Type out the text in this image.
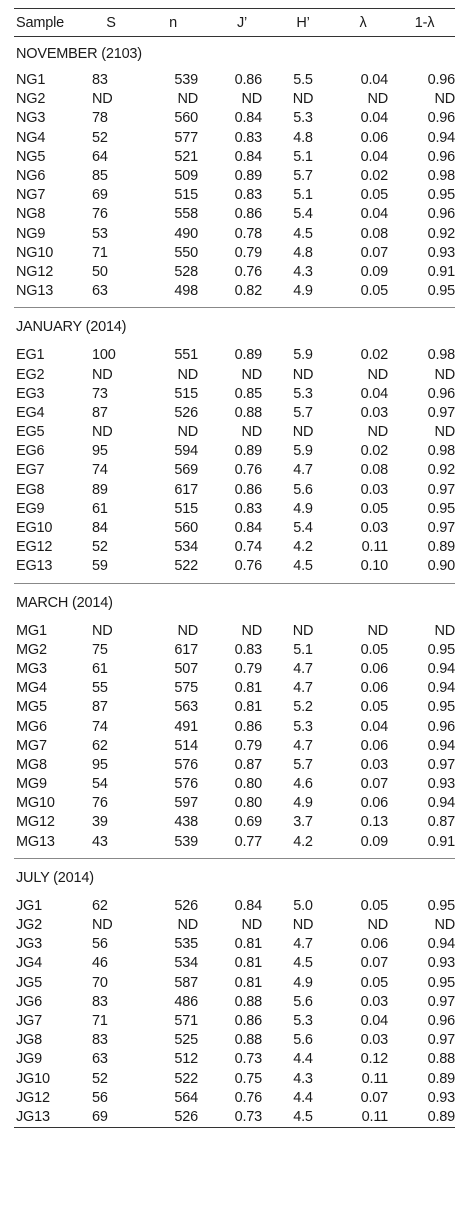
Sample	S	n	J’	H’	λ	1-λ
NOVEMBER (2103)						
NG1	83	539	0.86	5.5	0.04	0.96
NG2	ND	ND	ND	ND	ND	ND
NG3	78	560	0.84	5.3	0.04	0.96
NG4	52	577	0.83	4.8	0.06	0.94
NG5	64	521	0.84	5.1	0.04	0.96
NG6	85	509	0.89	5.7	0.02	0.98
NG7	69	515	0.83	5.1	0.05	0.95
NG8	76	558	0.86	5.4	0.04	0.96
NG9	53	490	0.78	4.5	0.08	0.92
NG10	71	550	0.79	4.8	0.07	0.93
NG12	50	528	0.76	4.3	0.09	0.91
NG13	63	498	0.82	4.9	0.05	0.95

JANUARY (2014)						
EG1	100	551	0.89	5.9	0.02	0.98
EG2	ND	ND	ND	ND	ND	ND
EG3	73	515	0.85	5.3	0.04	0.96
EG4	87	526	0.88	5.7	0.03	0.97
EG5	ND	ND	ND	ND	ND	ND
EG6	95	594	0.89	5.9	0.02	0.98
EG7	74	569	0.76	4.7	0.08	0.92
EG8	89	617	0.86	5.6	0.03	0.97
EG9	61	515	0.83	4.9	0.05	0.95
EG10	84	560	0.84	5.4	0.03	0.97
EG12	52	534	0.74	4.2	0.11	0.89
EG13	59	522	0.76	4.5	0.10	0.90

MARCH (2014)						
MG1	ND	ND	ND	ND	ND	ND
MG2	75	617	0.83	5.1	0.05	0.95
MG3	61	507	0.79	4.7	0.06	0.94
MG4	55	575	0.81	4.7	0.06	0.94
MG5	87	563	0.81	5.2	0.05	0.95
MG6	74	491	0.86	5.3	0.04	0.96
MG7	62	514	0.79	4.7	0.06	0.94
MG8	95	576	0.87	5.7	0.03	0.97
MG9	54	576	0.80	4.6	0.07	0.93
MG10	76	597	0.80	4.9	0.06	0.94
MG12	39	438	0.69	3.7	0.13	0.87
MG13	43	539	0.77	4.2	0.09	0.91

JULY (2014)						
JG1	62	526	0.84	5.0	0.05	0.95
JG2	ND	ND	ND	ND	ND	ND
JG3	56	535	0.81	4.7	0.06	0.94
JG4	46	534	0.81	4.5	0.07	0.93
JG5	70	587	0.81	4.9	0.05	0.95
JG6	83	486	0.88	5.6	0.03	0.97
JG7	71	571	0.86	5.3	0.04	0.96
JG8	83	525	0.88	5.6	0.03	0.97
JG9	63	512	0.73	4.4	0.12	0.88
JG10	52	522	0.75	4.3	0.11	0.89
JG12	56	564	0.76	4.4	0.07	0.93
JG13	69	526	0.73	4.5	0.11	0.89
